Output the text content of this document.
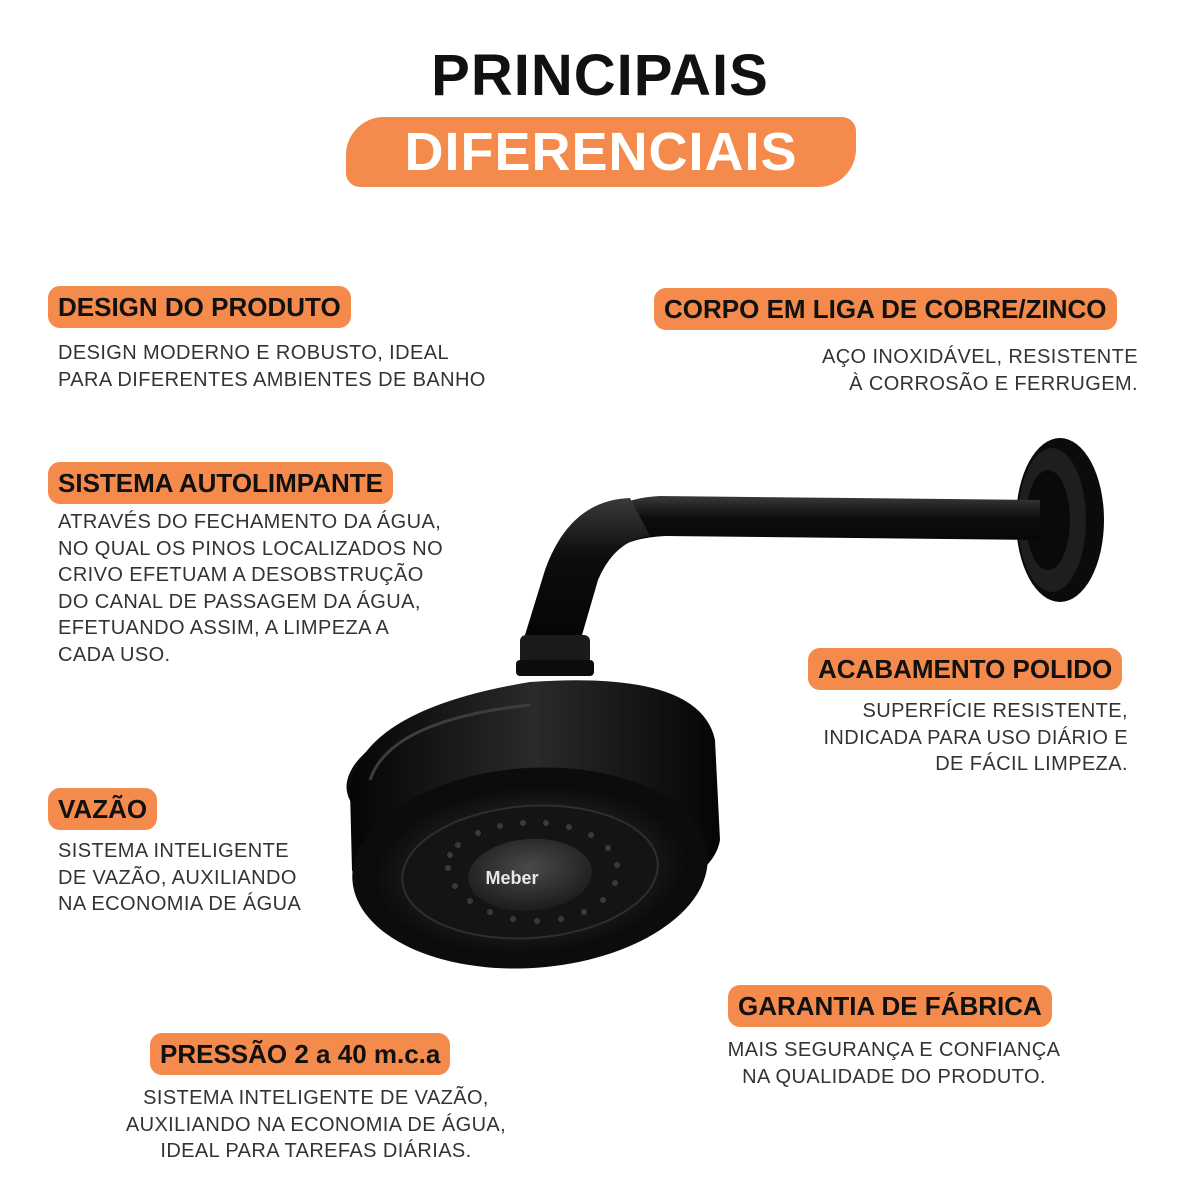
PRINCIPAIS
DIFERENCIAIS
DESIGN DO PRODUTO
DESIGN MODERNO E ROBUSTO, IDEAL
PARA DIFERENTES AMBIENTES DE BANHO
CORPO EM LIGA DE COBRE/ZINCO
AÇO INOXIDÁVEL, RESISTENTE
À CORROSÃO E FERRUGEM.
SISTEMA AUTOLIMPANTE
ATRAVÉS DO FECHAMENTO DA ÁGUA,
NO QUAL OS PINOS LOCALIZADOS NO
CRIVO EFETUAM A DESOBSTRUÇÃO
DO CANAL DE PASSAGEM DA ÁGUA,
EFETUANDO ASSIM, A LIMPEZA A
CADA USO.	ACABAMENTO POLIDO
SUPERFÍCIE RESISTENTE,
INDICADA PARA USO DIÁRIO E
DE FÁCIL LIMPEZA.
VAZÃO
SISTEMA INTELIGENTE
DE VAZÃO, AUXILIANDO
NA ECONOMIA DE ÁGUA
GARANTIA DE FÁBRICA
MAIS SEGURANÇA E CONFIANÇA
NA QUALIDADE DO PRODUTO.
PRESSÃO 2 a 40 m.c.a
SISTEMA INTELIGENTE DE VAZÃO,
AUXILIANDO NA ECONOMIA DE ÁGUA,
IDEAL PARA TAREFAS DIÁRIAS.
Meber
